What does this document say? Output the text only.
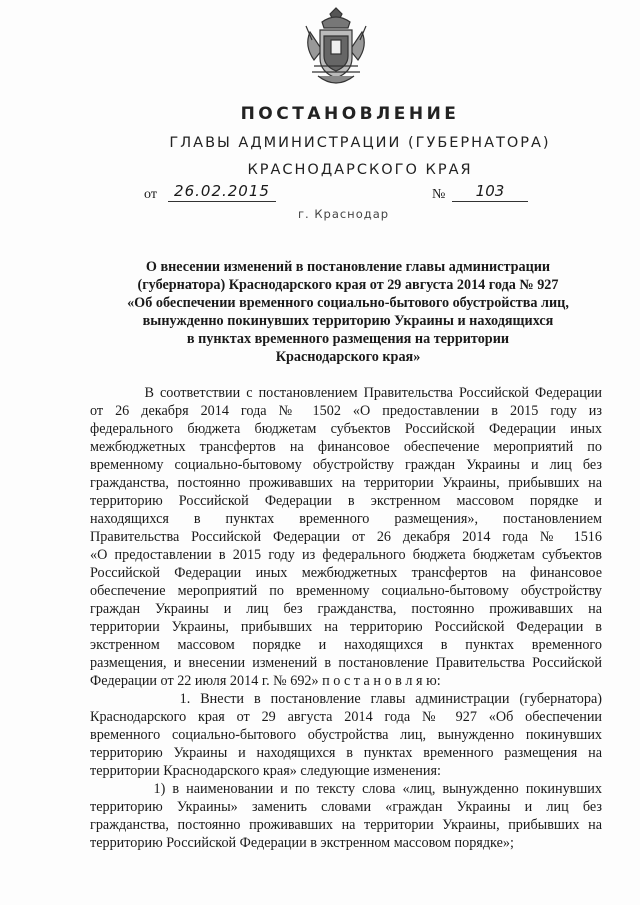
ПОСТАНОВЛЕНИЕ
ГЛАВЫ АДМИНИСТРАЦИИ (ГУБЕРНАТОРА)
КРАСНОДАРСКОГО КРАЯ
от	26.02.2015	№	103
г. Краснодар
О внесении изменений в постановление главы администрации
(губернатора) Краснодарского края от 29 августа 2014 года № 927
«Об обеспечении временного социально-бытового обустройства лиц,
вынужденно покинувших территорию Украины и находящихся
в пунктах временного размещения на территории
Краснодарского края»
В соответствии с постановлением Правительства Российской Федерации
от 26 декабря 2014 года № 1502 «О предоставлении в 2015 году из
федерального бюджета бюджетам субъектов Российской Федерации иных
межбюджетных трансфертов на финансовое обеспечение мероприятий по
временному социально-бытовому обустройству граждан Украины и лиц без
гражданства, постоянно проживавших на территории Украины, прибывших на
территорию Российской Федерации в экстренном массовом порядке и
находящихся в пунктах временного размещения», постановлением
Правительства Российской Федерации от 26 декабря 2014 года № 1516
«О предоставлении в 2015 году из федерального бюджета бюджетам субъектов
Российской Федерации иных межбюджетных трансфертов на финансовое
обеспечение мероприятий по временному социально-бытовому обустройству
граждан Украины и лиц без гражданства, постоянно проживавших на
территории Украины, прибывших на территорию Российской Федерации в
экстренном массовом порядке и находящихся в пунктах временного
размещения, и внесении изменений в постановление Правительства Российской
Федерации от 22 июля 2014 г. № 692» п о с т а н о в л я ю:
1. Внести в постановление главы администрации (губернатора)
Краснодарского края от 29 августа 2014 года № 927 «Об обеспечении
временного социально-бытового обустройства лиц, вынужденно покинувших
территорию Украины и находящихся в пунктах временного размещения на
территории Краснодарского края» следующие изменения:
1) в наименовании и по тексту слова «лиц, вынужденно покинувших
территорию Украины» заменить словами «граждан Украины и лиц без
гражданства, постоянно проживавших на территории Украины, прибывших на
территорию Российской Федерации в экстренном массовом порядке»;
